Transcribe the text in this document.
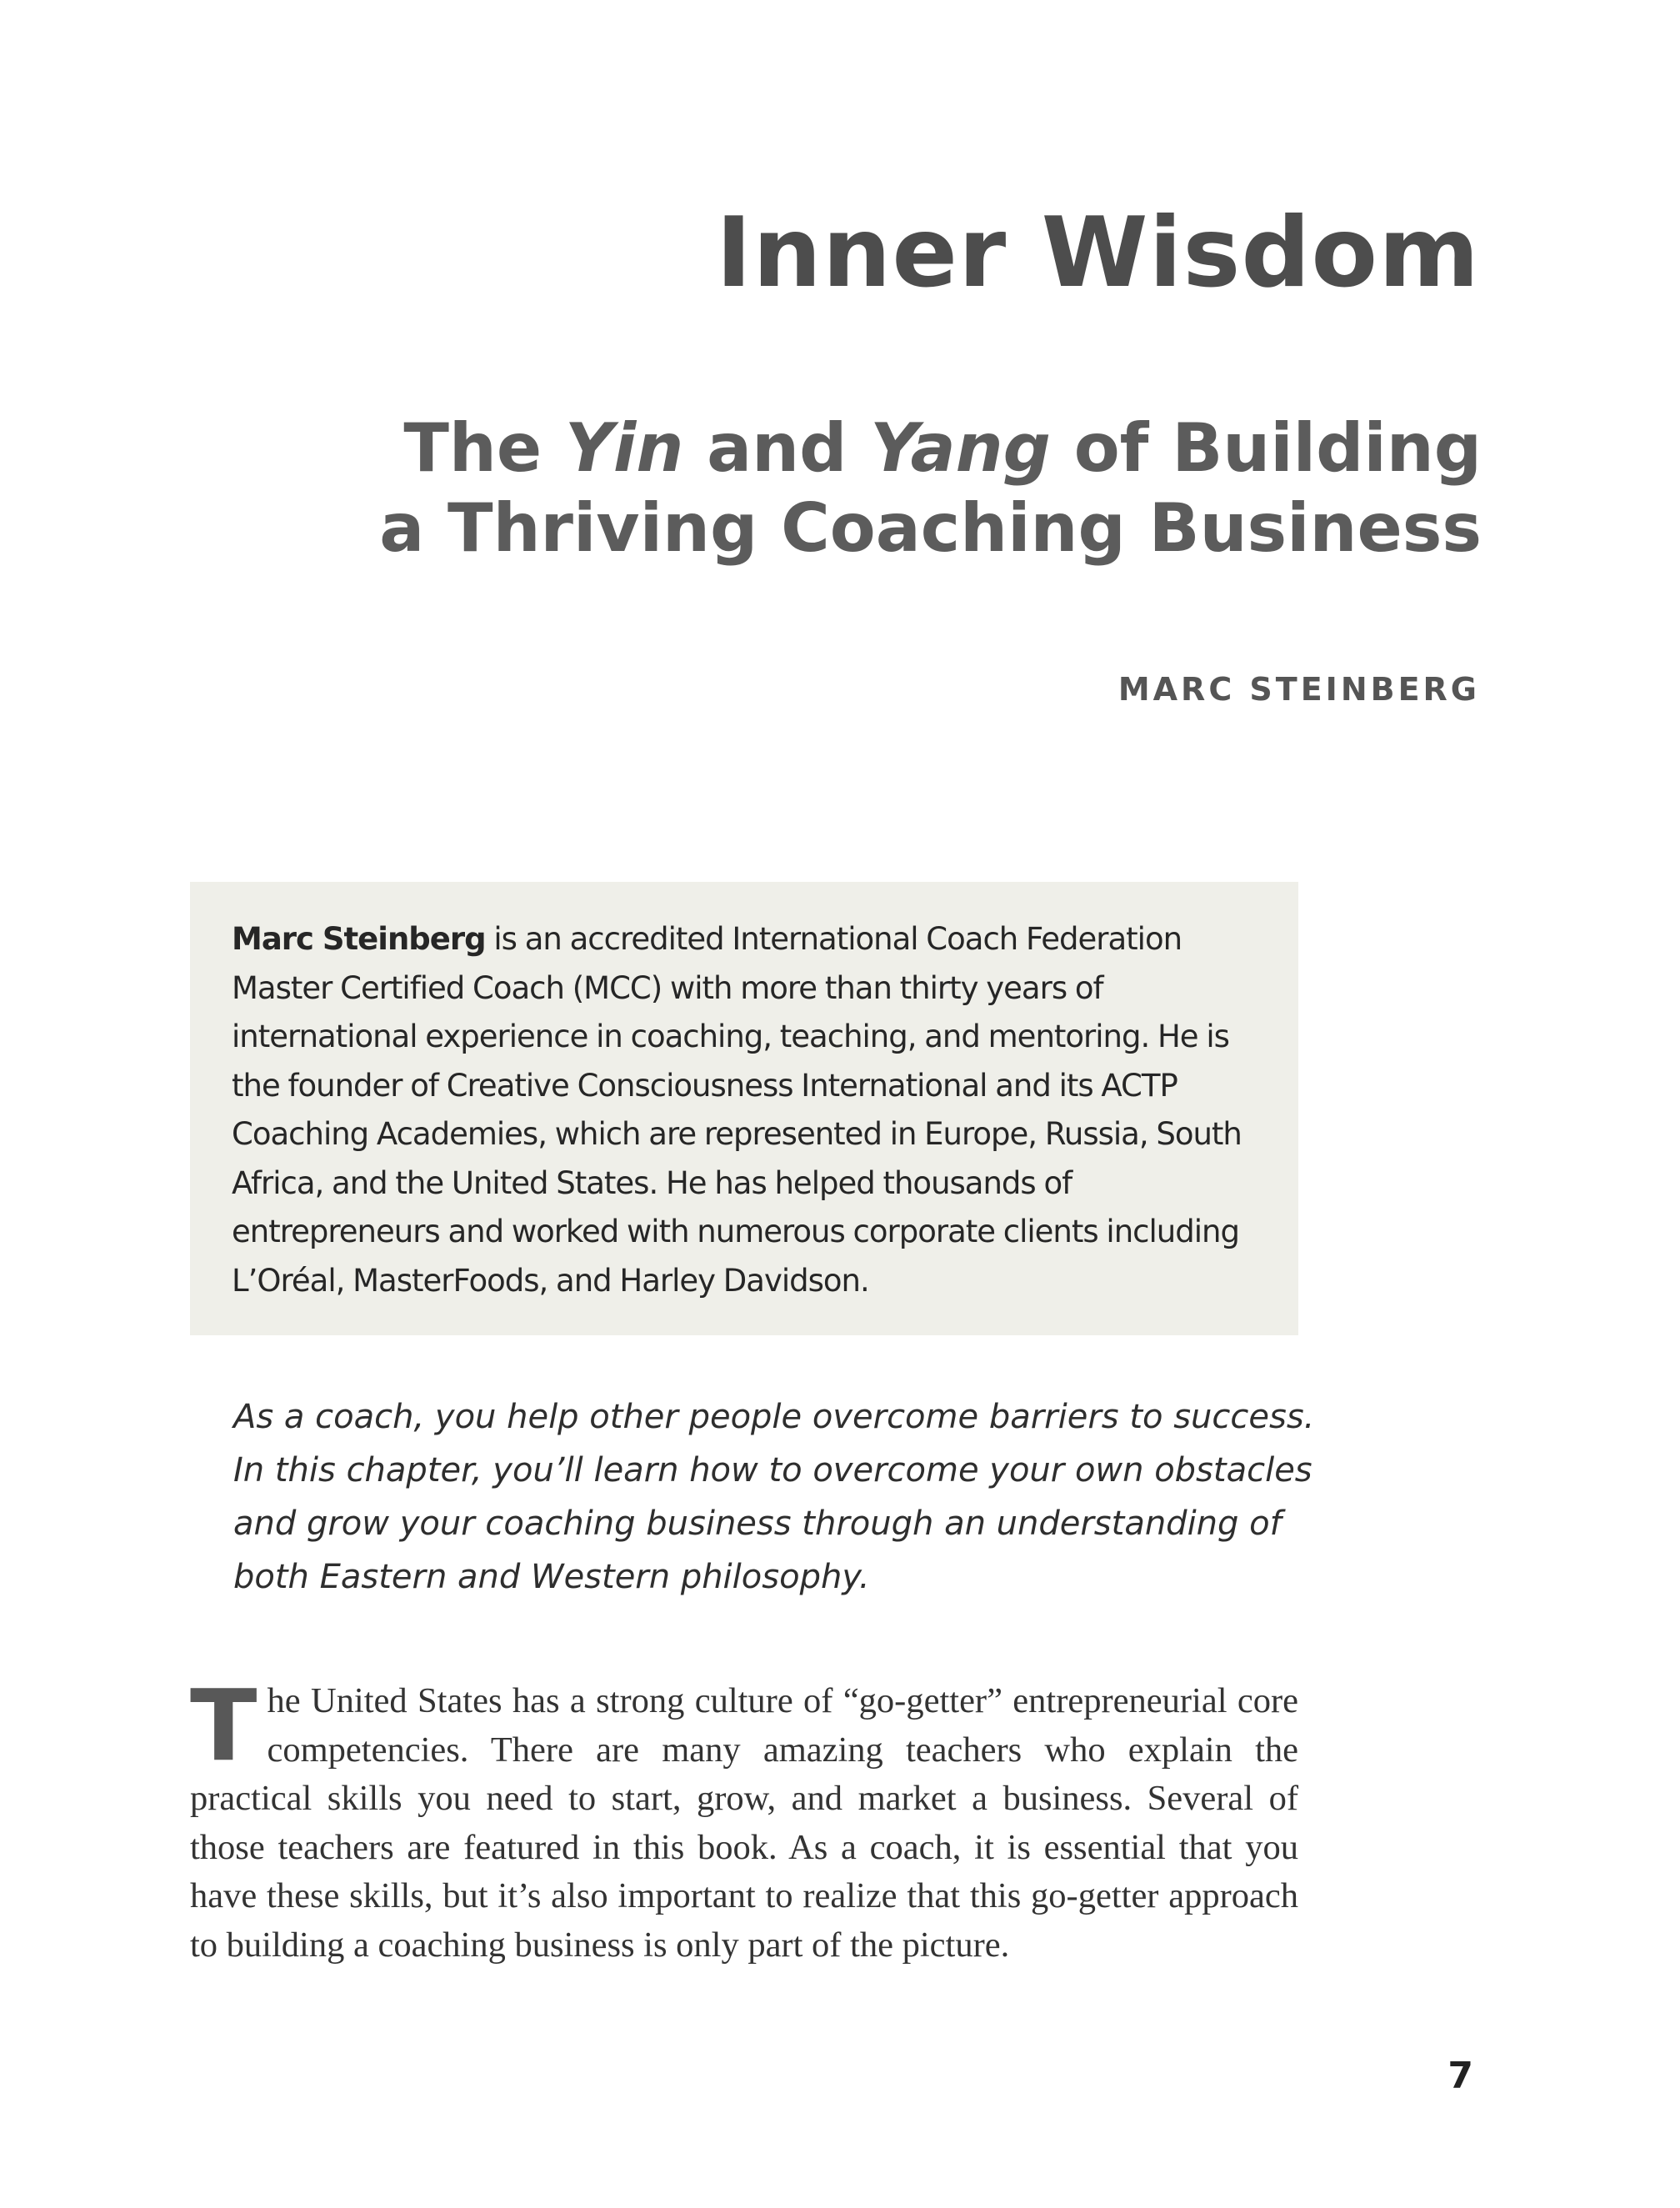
Inner Wisdom
The Yin and Yang of Building
a Thriving Coaching Business

MARC STEINBERG

Marc Steinberg is an accredited International Coach Federation Master Certified Coach (MCC) with more than thirty years of international experience in coaching, teaching, and mentoring. He is the founder of Creative Consciousness International and its ACTP Coaching Academies, which are represented in Europe, Russia, South Africa, and the United States. He has helped thousands of entrepreneurs and worked with numerous corporate clients including L’Oréal, MasterFoods, and Harley Davidson.

As a coach, you help other people overcome barriers to success. In this chapter, you’ll learn how to overcome your own obstacles and grow your coaching business through an understanding of both Eastern and Western philosophy.

The United States has a strong culture of “go-getter” entrepreneurial core competencies. There are many amazing teachers who explain the practical skills you need to start, grow, and market a business. Several of those teachers are featured in this book. As a coach, it is essential that you have these skills, but it’s also important to realize that this go-getter approach to building a coaching business is only part of the picture.

7
